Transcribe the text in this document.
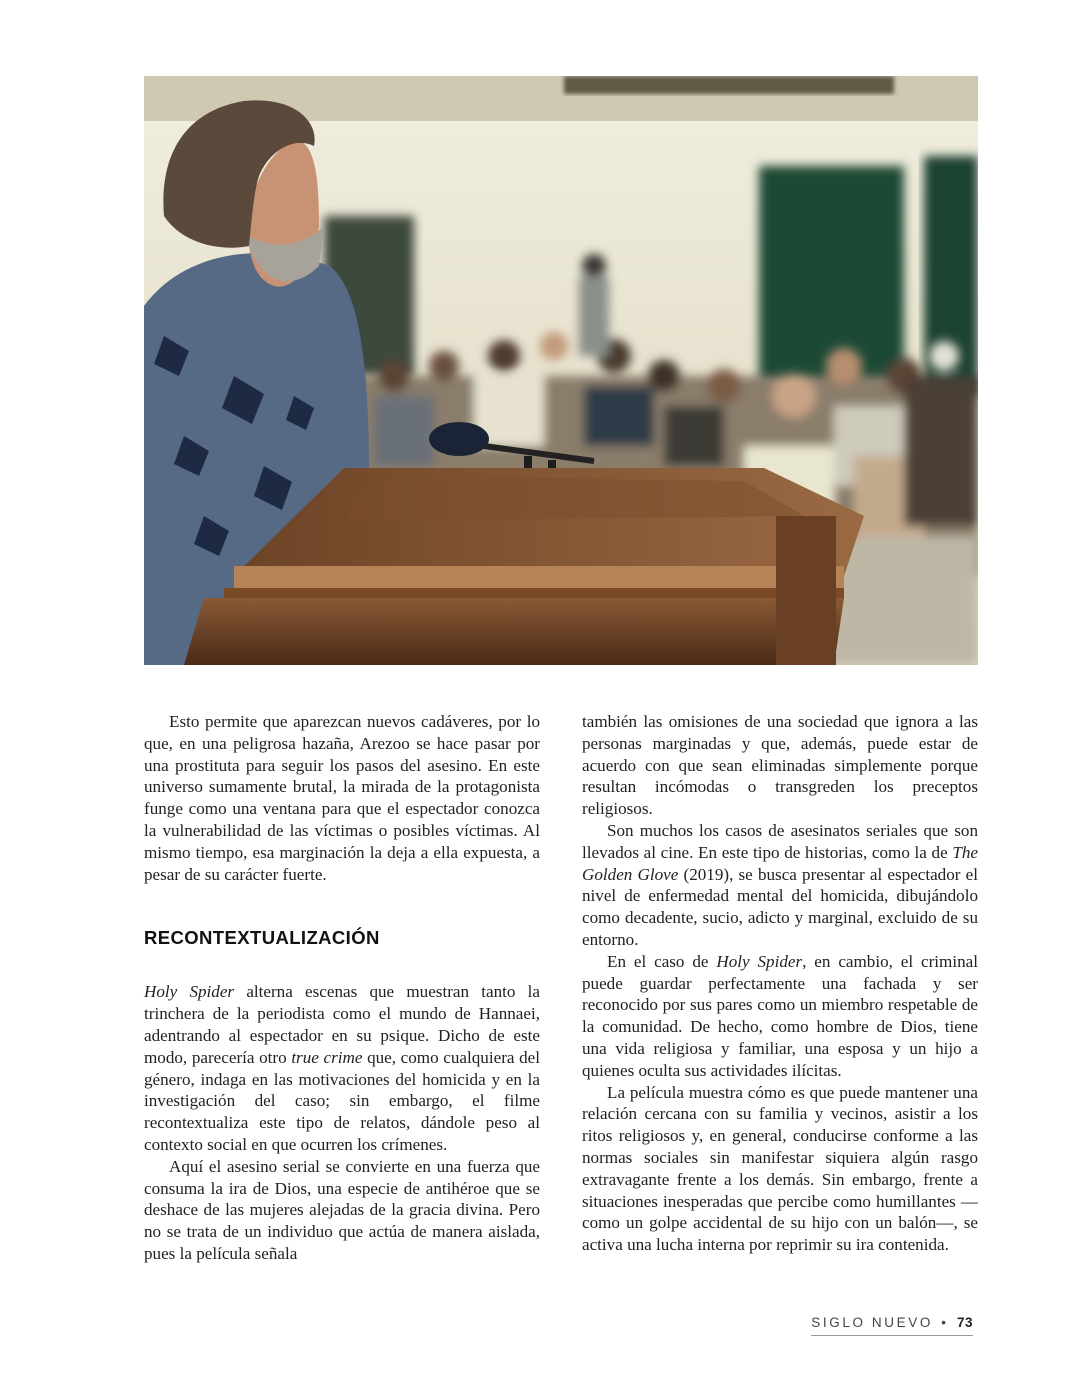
Esto permite que aparezcan nuevos cadáveres, por lo que, en una peligrosa hazaña, Arezoo se hace pasar por una prostituta para seguir los pasos del asesino. En este universo sumamente brutal, la mirada de la protagonista funge como una ventana para que el espectador conozca la vulnerabilidad de las víctimas o posibles víctimas. Al mismo tiempo, esa marginación la deja a ella expuesta, a pesar de su carácter fuerte.

RECONTEXTUALIZACIÓN

Holy Spider alterna escenas que muestran tanto la trinchera de la periodista como el mundo de Hannaei, adentrando al espectador en su psique. Dicho de este modo, parecería otro true crime que, como cualquiera del género, indaga en las motivaciones del homicida y en la investigación del caso; sin embargo, el filme recontextualiza este tipo de relatos, dándole peso al contexto social en que ocurren los crímenes.

Aquí el asesino serial se convierte en una fuerza que consuma la ira de Dios, una especie de antihéroe que se deshace de las mujeres alejadas de la gracia divina. Pero no se trata de un individuo que actúa de manera aislada, pues la película señala

también las omisiones de una sociedad que ignora a las personas marginadas y que, además, puede estar de acuerdo con que sean eliminadas simplemente porque resultan incómodas o transgreden los preceptos religiosos.

Son muchos los casos de asesinatos seriales que son llevados al cine. En este tipo de historias, como la de The Golden Glove (2019), se busca presentar al espectador el nivel de enfermedad mental del homicida, dibujándolo como decadente, sucio, adicto y marginal, excluido de su entorno.

En el caso de Holy Spider, en cambio, el criminal puede guardar perfectamente una fachada y ser reconocido por sus pares como un miembro respetable de la comunidad. De hecho, como hombre de Dios, tiene una vida religiosa y familiar, una esposa y un hijo a quienes oculta sus actividades ilícitas.

La película muestra cómo es que puede mantener una relación cercana con su familia y vecinos, asistir a los ritos religiosos y, en general, conducirse conforme a las normas sociales sin manifestar siquiera algún rasgo extravagante frente a los demás. Sin embargo, frente a situaciones inesperadas que percibe como humillantes —como un golpe accidental de su hijo con un balón—, se activa una lucha interna por reprimir su ira contenida.

SIGLO NUEVO • 73
